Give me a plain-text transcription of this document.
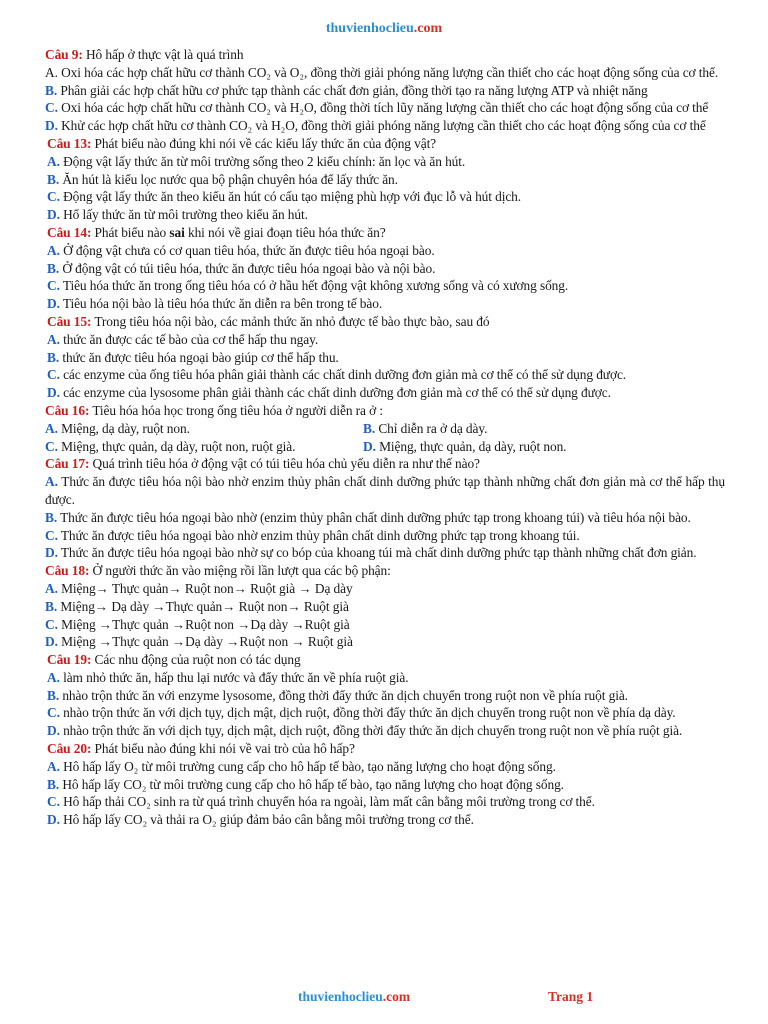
thuvienhoclieu.com

Câu 9: Hô hấp ở thực vật là quá trình

A. Oxi hóa các hợp chất hữu cơ thành CO₂ và O₂, đồng thời giải phóng năng lượng cần thiết cho các hoạt động sống của cơ thể.

B. Phân giải các hợp chất hữu cơ phức tạp thành các chất đơn giản, đồng thời tạo ra năng lượng ATP và nhiệt năng

C. Oxi hóa các hợp chất hữu cơ thành CO₂ và H₂O, đồng thời tích lũy năng lượng cần thiết cho các hoạt động sống của cơ thể

D. Khử các hợp chất hữu cơ thành CO₂ và H₂O, đồng thời giải phóng năng lượng cần thiết cho các hoạt động sống của cơ thể

Câu 13: Phát biểu nào đúng khi nói về các kiểu lấy thức ăn của động vật?

A. Động vật lấy thức ăn từ môi trường sống theo 2 kiểu chính: ăn lọc và ăn hút.

B. Ăn hút là kiểu lọc nước qua bộ phận chuyên hóa để lấy thức ăn.

C. Động vật lấy thức ăn theo kiểu ăn hút có cấu tạo miệng phù hợp với đục lỗ và hút dịch.

D. Hổ lấy thức ăn từ môi trường theo kiểu ăn hút.

Câu 14: Phát biểu nào sai khi nói về giai đoạn tiêu hóa thức ăn?

A. Ở động vật chưa có cơ quan tiêu hóa, thức ăn được tiêu hóa ngoại bào.

B. Ở động vật có túi tiêu hóa, thức ăn được tiêu hóa ngoại bào và nội bào.

C. Tiêu hóa thức ăn trong ống tiêu hóa có ở hầu hết động vật không xương sống và có xương sống.

D. Tiêu hóa nội bào là tiêu hóa thức ăn diễn ra bên trong tế bào.

Câu 15: Trong tiêu hóa nội bào, các mảnh thức ăn nhỏ được tế bào thực bào, sau đó

A. thức ăn được các tế bào của cơ thể hấp thu ngay.

B. thức ăn được tiêu hóa ngoại bào giúp cơ thể hấp thu.

C. các enzyme của ống tiêu hóa phân giải thành các chất dinh dưỡng đơn giản mà cơ thể có thể sử dụng được.

D. các enzyme của lysosome phân giải thành các chất dinh dưỡng đơn giản mà cơ thể có thể sử dụng được.

Câu 16: Tiêu hóa hóa học trong ống tiêu hóa ở người diễn ra ở :

A. Miệng, dạ dày, ruột non.	B. Chỉ diễn ra ở dạ dày.
C. Miệng, thực quản, dạ dày, ruột non, ruột già.	D. Miệng, thực quản, dạ dày, ruột non.

Câu 17: Quá trình tiêu hóa ở động vật có túi tiêu hóa chủ yếu diễn ra như thế nào?

A. Thức ăn được tiêu hóa nội bào nhờ enzim thủy phân chất dinh dưỡng phức tạp thành những chất đơn giản mà cơ thể hấp thụ được.

B. Thức ăn được tiêu hóa ngoại bào nhờ (enzim thủy phân chất dinh dưỡng phức tạp trong khoang túi) và tiêu hóa nội bào.

C. Thức ăn được tiêu hóa ngoại bào nhờ enzim thủy phân chất dinh dưỡng phức tạp trong khoang túi.

D. Thức ăn được tiêu hóa ngoại bào nhờ sự co bóp của khoang túi mà chất dinh dưỡng phức tạp thành những chất đơn giản.

Câu 18: Ở người thức ăn vào miệng rồi lần lượt qua các bộ phận:

A. Miệng→ Thực quản→ Ruột non→ Ruột già → Dạ dày

B. Miệng→ Dạ dày →Thực quản→ Ruột non→ Ruột già

C. Miệng →Thực quản →Ruột non →Dạ dày →Ruột già

D. Miệng →Thực quản →Dạ dày →Ruột non → Ruột già

Câu 19: Các nhu động của ruột non có tác dụng

A. làm nhỏ thức ăn, hấp thu lại nước và đẩy thức ăn về phía ruột già.

B. nhào trộn thức ăn với enzyme lysosome, đồng thời đẩy thức ăn dịch chuyển trong ruột non về phía ruột già.

C. nhào trộn thức ăn với dịch tụy, dịch mật, dịch ruột, đồng thời đẩy thức ăn dịch chuyển trong ruột non về phía dạ dày.

D. nhào trộn thức ăn với dịch tụy, dịch mật, dịch ruột, đồng thời đẩy thức ăn dịch chuyển trong ruột non về phía ruột già.

Câu 20: Phát biểu nào đúng khi nói về vai trò của hô hấp?

A. Hô hấp lấy O₂ từ môi trường cung cấp cho hô hấp tế bào, tạo năng lượng cho hoạt động sống.

B. Hô hấp lấy CO₂ từ môi trường cung cấp cho hô hấp tế bào, tạo năng lượng cho hoạt động sống.

C. Hô hấp thải CO₂ sinh ra từ quá trình chuyển hóa ra ngoài, làm mất cân bằng môi trường trong cơ thể.

D. Hô hấp lấy CO₂ và thải ra O₂ giúp đảm bảo cân bằng môi trường trong cơ thể.

thuvienhoclieu.com	Trang 1
